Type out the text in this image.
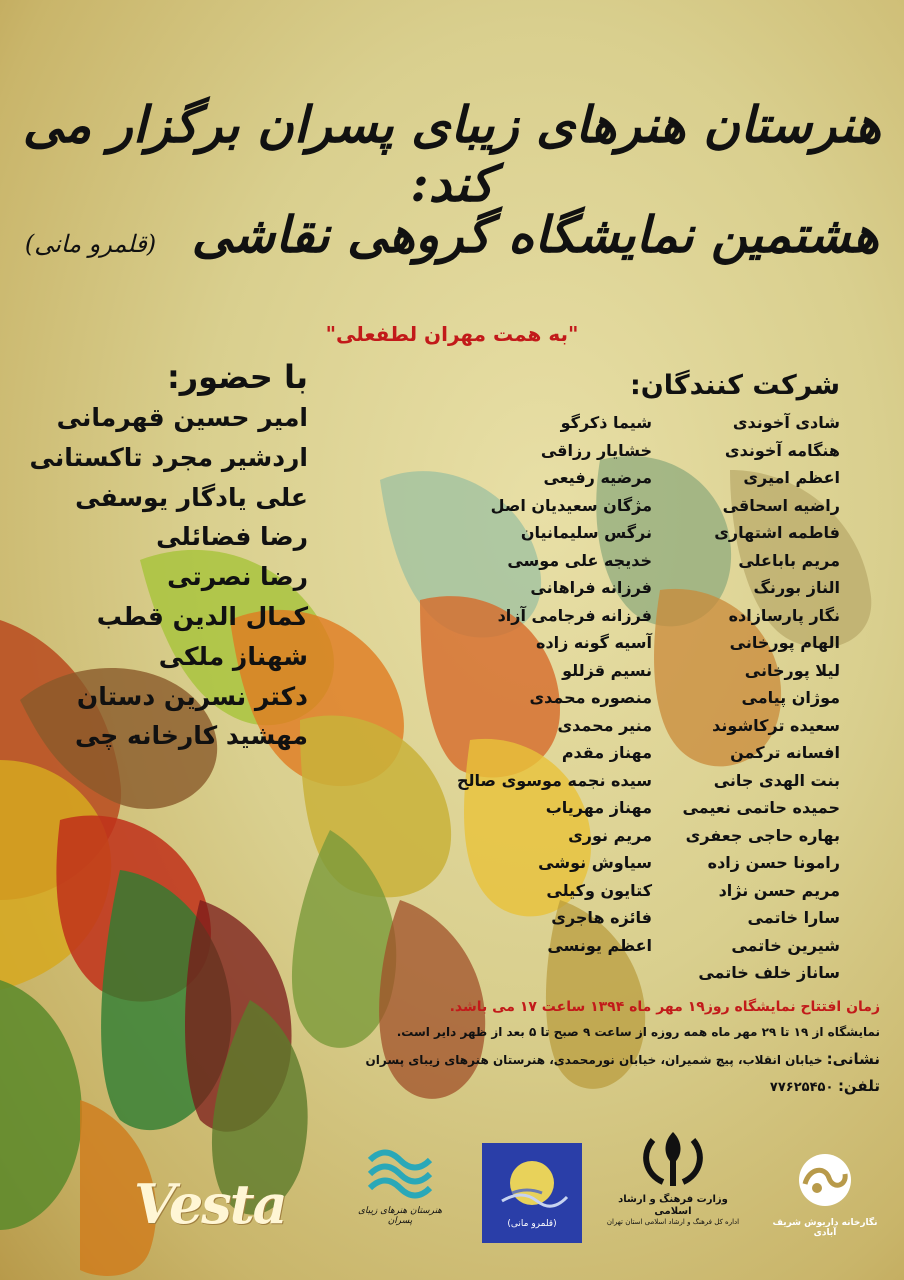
هنرستان هنرهای زیبای پسران برگزار می کند:
هشتمین نمایشگاه گروهی نقاشی (قلمرو مانی)
"به همت مهران لطفعلی"
با حضور:
امیر حسین قهرمانی
اردشیر مجرد تاکستانی
علی یادگار یوسفی
رضا فضائلی
رضا نصرتی
کمال الدین قطب
شهناز ملکی
دکتر نسرین دستان
مهشید کارخانه چی
شرکت کنندگان:
شادی آخوندی
هنگامه آخوندی
اعظم امیری
راضیه اسحاقی
فاطمه اشتهاری
مریم باباعلی
الناز بورنگ
نگار پارسازاده
الهام پورخانی
لیلا پورخانی
موژان پیامی
سعیده ترکاشوند
افسانه ترکمن
بنت الهدی جانی
حمیده حاتمی نعیمی
بهاره حاجی جعفری
رامونا حسن زاده
مریم حسن نژاد
سارا خاتمی
شیرین خاتمی
ساناز خلف خاتمی
شیما ذکرگو
خشایار رزاقی
مرضیه رفیعی
مژگان سعیدیان اصل
نرگس سلیمانیان
خدیجه علی موسی
فرزانه فراهانی
فرزانه فرجامی آزاد
آسیه گونه زاده
نسیم قزللو
منصوره محمدی
منیر محمدی
مهناز مقدم
سیده نجمه موسوی صالح
مهناز مهریاب
مریم نوری
سیاوش نوشی
کتایون وکیلی
فائزه هاجری
اعظم یونسی
زمان افتتاح نمایشگاه روز۱۹ مهر ماه ۱۳۹۴ ساعت ۱۷ می باشد.
نمایشگاه از ۱۹ تا ۲۹ مهر ماه همه روزه از ساعت ۹ صبح تا ۵ بعد از ظهر دایر است.
نشانی: خیابان انقلاب، پیچ شمیران، خیابان نورمحمدی، هنرستان هنرهای زیبای پسران
تلفن: ۷۷۶۲۵۴۵۰
Vesta	هنرستان هنرهای زیبای پسران	(قلمرو مانی)
وزارت فرهنگ و ارشاد اسلامی
اداره کل فرهنگ و ارشاد اسلامی استان تهران	نگارخانه داریوش شریف آبادی
